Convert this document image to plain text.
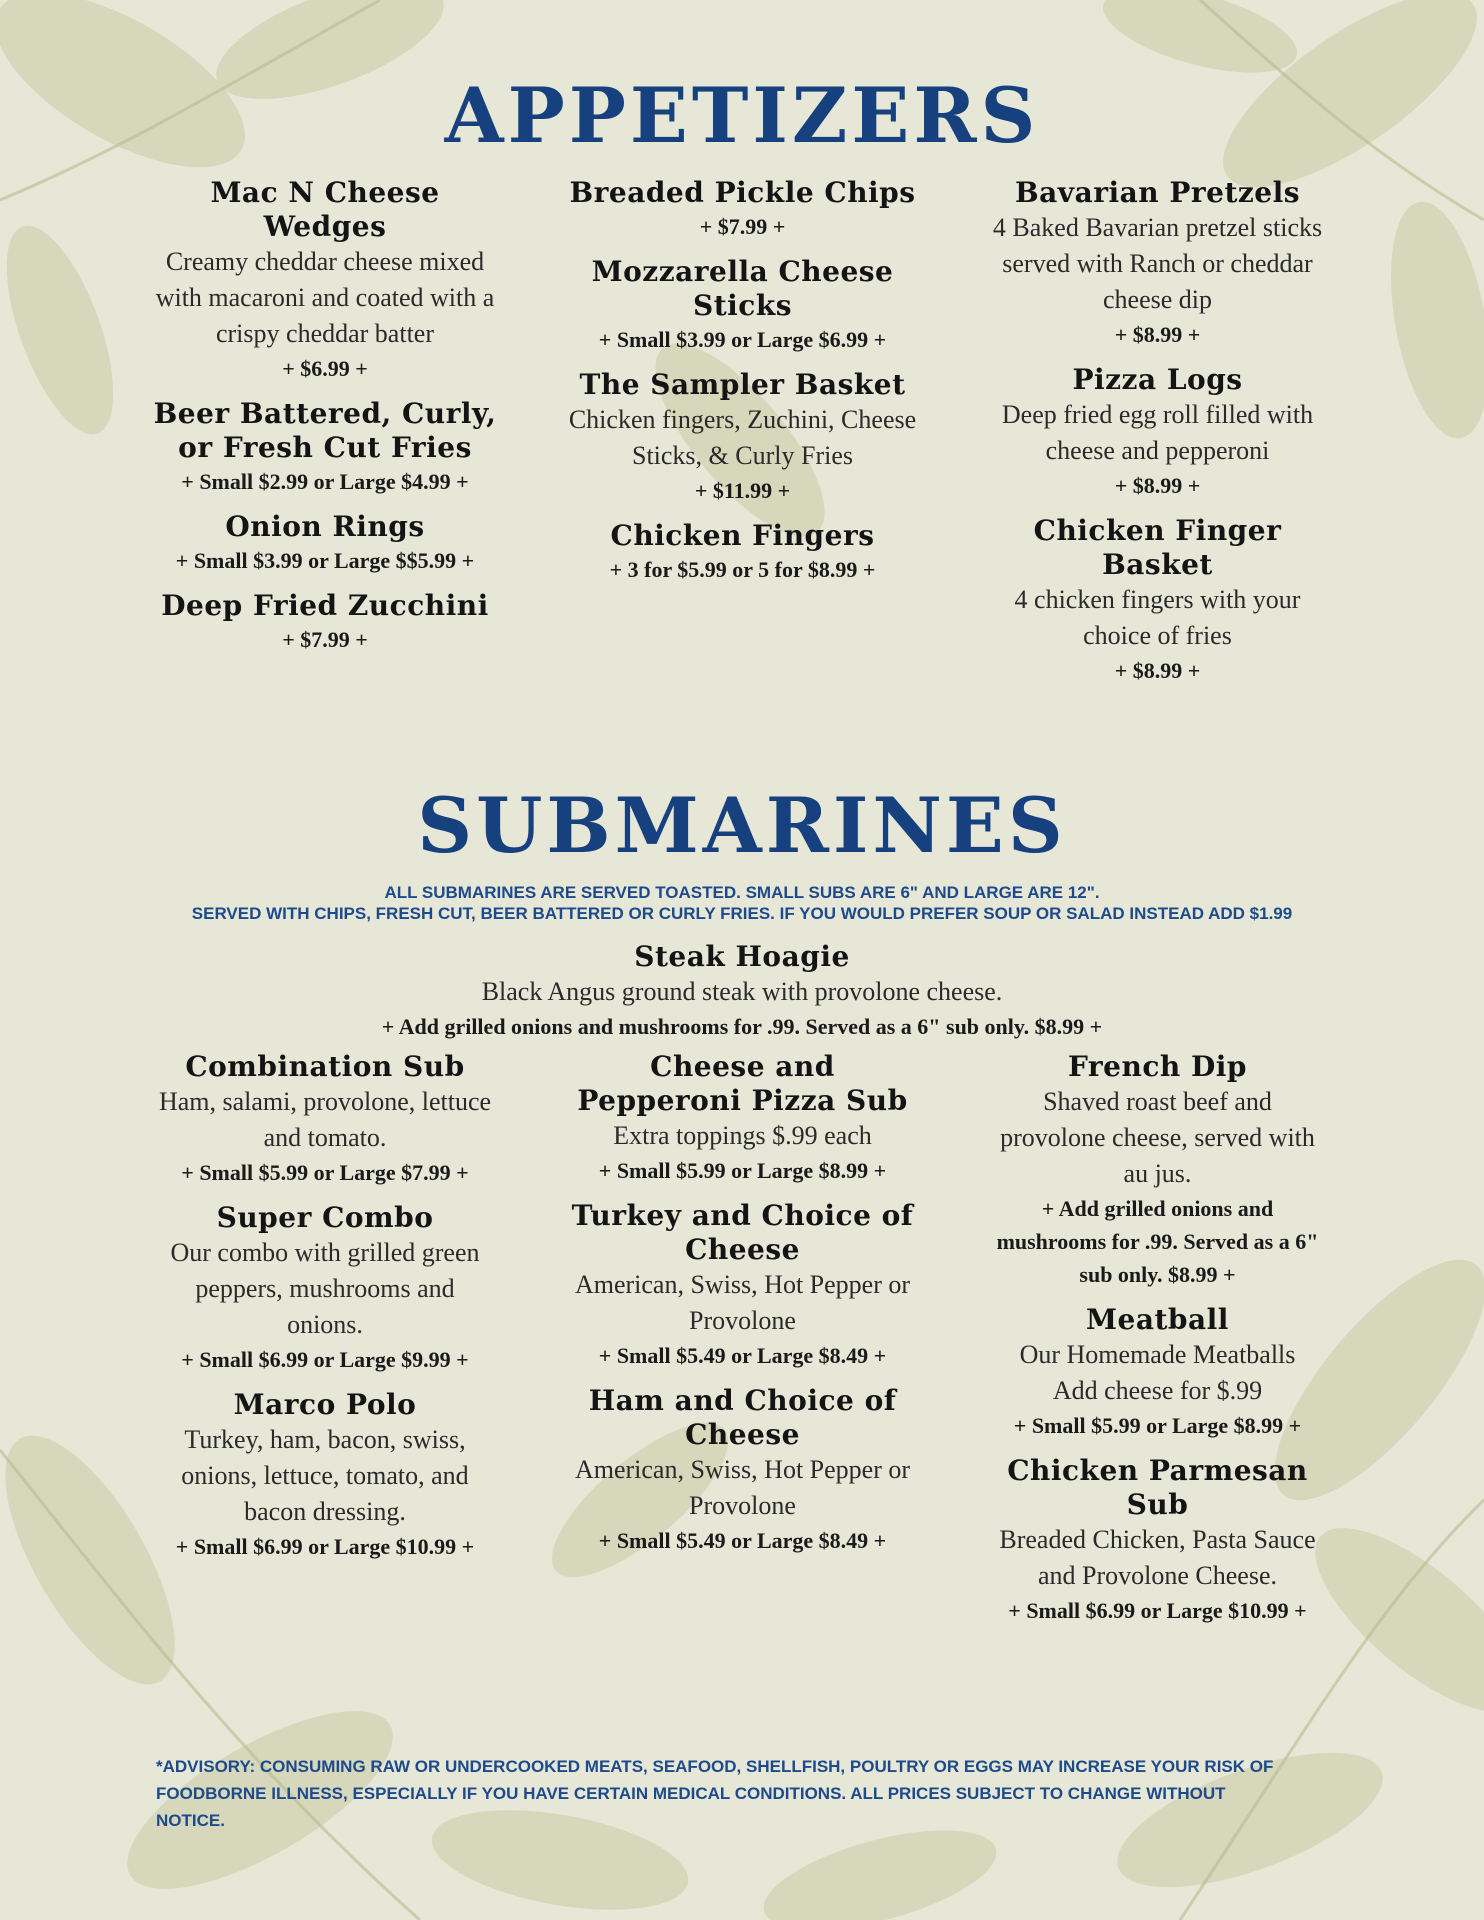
APPETIZERS
Mac N Cheese Wedges
Creamy cheddar cheese mixed with macaroni and coated with a crispy cheddar batter
+ $6.99 +
Beer Battered, Curly, or Fresh Cut Fries
+ Small $2.99 or Large $4.99 +
Onion Rings
+ Small $3.99 or Large $$5.99 +
Deep Fried Zucchini
+ $7.99 +
Breaded Pickle Chips
+ $7.99 +
Mozzarella Cheese Sticks
+ Small $3.99 or Large $6.99 +
The Sampler Basket
Chicken fingers, Zuchini, Cheese Sticks, & Curly Fries
+ $11.99 +
Chicken Fingers
+ 3 for $5.99 or 5 for $8.99 +
Bavarian Pretzels
4 Baked Bavarian pretzel sticks served with Ranch or cheddar cheese dip
+ $8.99 +
Pizza Logs
Deep fried egg roll filled with cheese and pepperoni
+ $8.99 +
Chicken Finger Basket
4 chicken fingers with your choice of fries
+ $8.99 +
SUBMARINES
ALL SUBMARINES ARE SERVED TOASTED. SMALL SUBS ARE 6" AND LARGE ARE 12".
SERVED WITH CHIPS, FRESH CUT, BEER BATTERED OR CURLY FRIES. IF YOU WOULD PREFER SOUP OR SALAD INSTEAD ADD $1.99
Steak Hoagie
Black Angus ground steak with provolone cheese.
+ Add grilled onions and mushrooms for .99. Served as a 6" sub only. $8.99 +
Combination Sub
Ham, salami, provolone, lettuce and tomato.
+ Small $5.99 or Large $7.99 +
Super Combo
Our combo with grilled green peppers, mushrooms and onions.
+ Small $6.99 or Large $9.99 +
Marco Polo
Turkey, ham, bacon, swiss, onions, lettuce, tomato, and bacon dressing.
+ Small $6.99 or Large $10.99 +
Cheese and Pepperoni Pizza Sub
Extra toppings $.99 each
+ Small $5.99 or Large $8.99 +
Turkey and Choice of Cheese
American, Swiss, Hot Pepper or Provolone
+ Small $5.49 or Large $8.49 +
Ham and Choice of Cheese
American, Swiss, Hot Pepper or Provolone
+ Small $5.49 or Large $8.49 +
French Dip
Shaved roast beef and provolone cheese, served with au jus.
+ Add grilled onions and mushrooms for .99. Served as a 6" sub only. $8.99 +
Meatball
Our Homemade Meatballs Add cheese for $.99
+ Small $5.99 or Large $8.99 +
Chicken Parmesan Sub
Breaded Chicken, Pasta Sauce and Provolone Cheese.
+ Small $6.99 or Large $10.99 +
*ADVISORY: CONSUMING RAW OR UNDERCOOKED MEATS, SEAFOOD, SHELLFISH, POULTRY OR EGGS MAY INCREASE YOUR RISK OF FOODBORNE ILLNESS, ESPECIALLY IF YOU HAVE CERTAIN MEDICAL CONDITIONS. ALL PRICES SUBJECT TO CHANGE WITHOUT NOTICE.
